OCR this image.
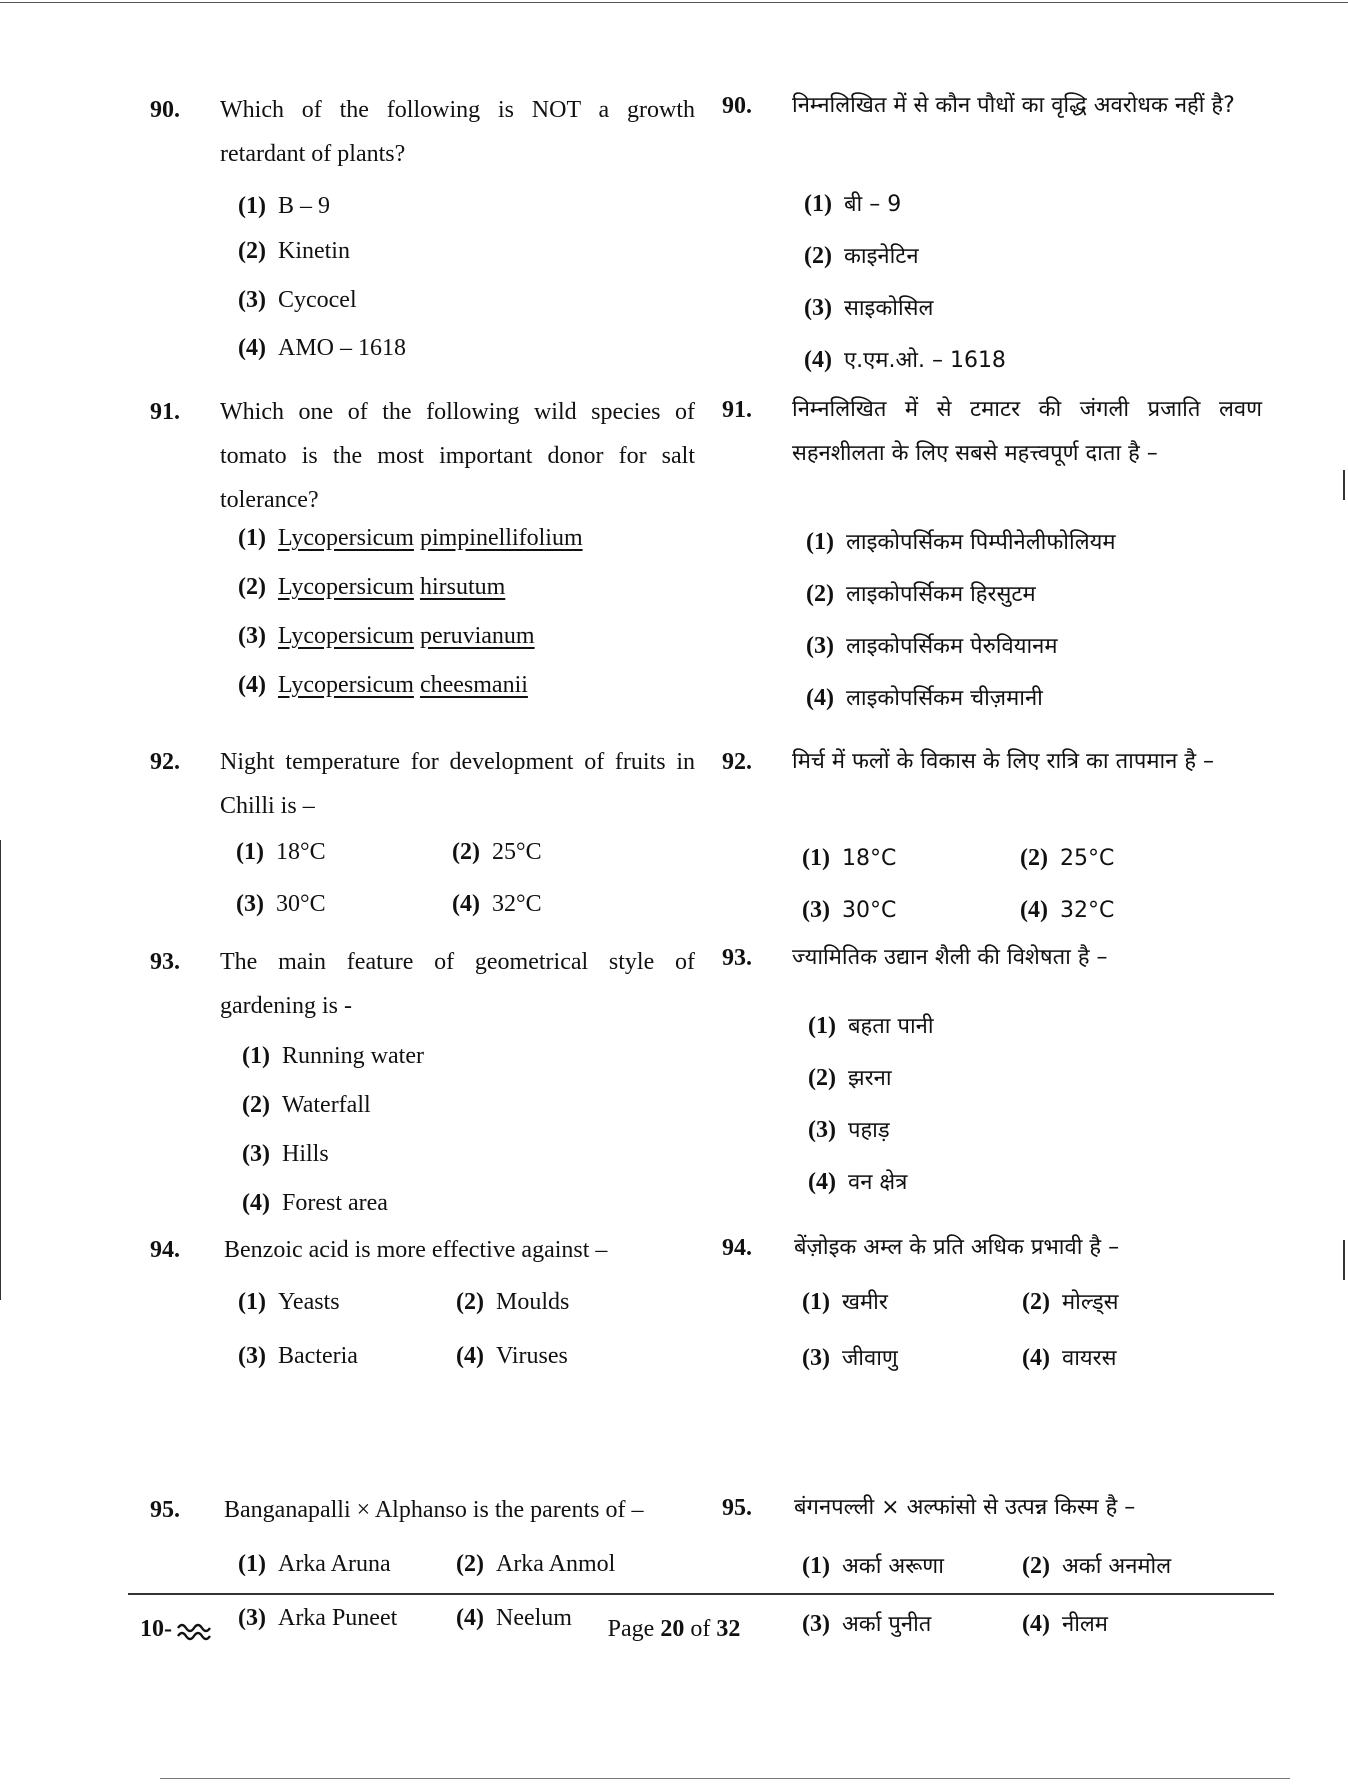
90. Which of the following is NOT a growth retardant of plants?
(1) B – 9
(2) Kinetin
(3) Cycocel
(4) AMO – 1618
91. Which one of the following wild species of tomato is the most important donor for salt tolerance?
(1) Lycopersicum pimpinellifolium
(2) Lycopersicum hirsutum
(3) Lycopersicum peruvianum
(4) Lycopersicum cheesmanii
92. Night temperature for development of fruits in Chilli is –
(1) 18°C	(2) 25°C
(3) 30°C	(4) 32°C
93. The main feature of geometrical style of gardening is -
(1) Running water
(2) Waterfall
(3) Hills
(4) Forest area
94. Benzoic acid is more effective against –
(1) Yeasts	(2) Moulds
(3) Bacteria	(4) Viruses
95. Banganapalli × Alphanso is the parents of –
(1) Arka Aruna	(2) Arka Anmol
(3) Arka Puneet (4) Neelum
90. निम्नलिखित में से कौन पौधों का वृद्धि अवरोधक नहीं है?
(1) बी – 9
(2) काइनेटिन
(3) साइकोसिल
(4) ए.एम.ओ. – 1618
91. निम्नलिखित में से टमाटर की जंगली प्रजाति लवण सहनशीलता के लिए सबसे महत्त्वपूर्ण दाता है –
(1) लाइकोपर्सिकम पिम्पीनेलीफोलियम
(2) लाइकोपर्सिकम हिरसुटम
(3) लाइकोपर्सिकम पेरुवियानम
(4) लाइकोपर्सिकम चीज़मानी
92. मिर्च में फलों के विकास के लिए रात्रि का तापमान है –
(1) 18°C	(2) 25°C
(3) 30°C	(4) 32°C
93. ज्यामितिक उद्यान शैली की विशेषता है –
(1) बहता पानी
(2) झरना
(3) पहाड़
(4) वन क्षेत्र
94. बेंज़ोइक अम्ल के प्रति अधिक प्रभावी है –
(1) खमीर	(2) मोल्ड्स
(3) जीवाणु	(4) वायरस
95. बंगनपल्ली × अल्फांसो से उत्पन्न किस्म है –
(1) अर्का अरूणा	(2) अर्का अनमोल
(3) अर्का पुनीत	(4) नीलम
10-	Page 20 of 32
